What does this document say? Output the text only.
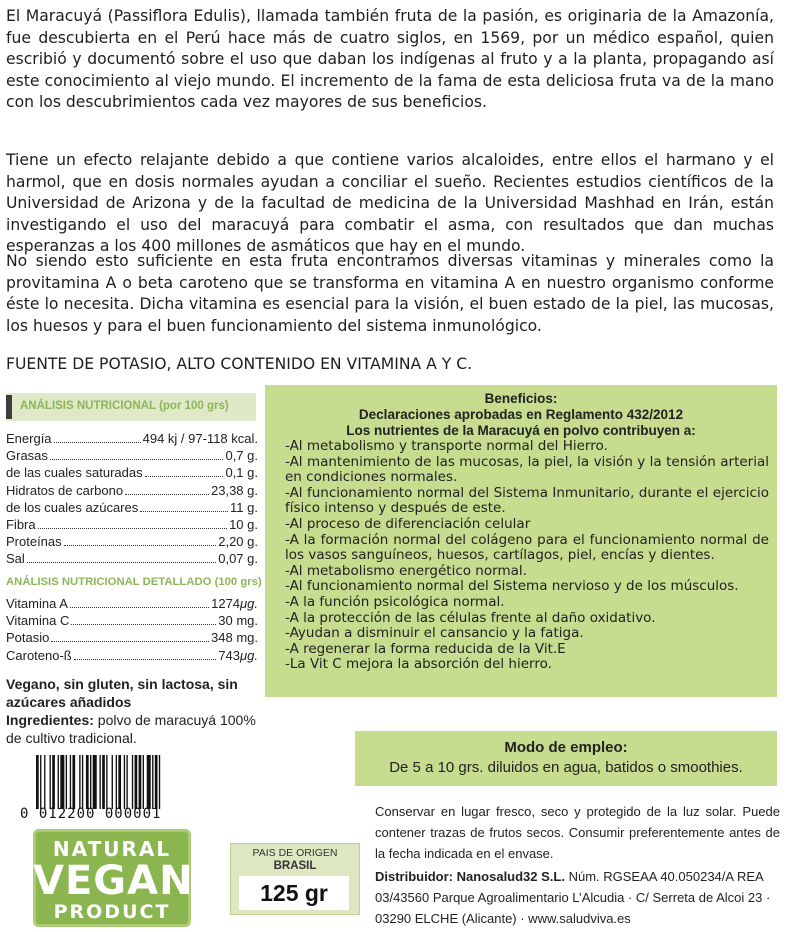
El Maracuyá (Passiflora Edulis), llamada también fruta de la pasión, es originaria de la Amazonía, fue descubierta en el Perú hace más de cuatro siglos, en 1569, por un médico español, quien escribió y documentó sobre el uso que daban los indígenas al fruto y a la planta, propagando así este conocimiento al viejo mundo. El incremento de la fama de esta deliciosa fruta va de la mano con los descubrimientos cada vez mayores de sus beneficios.
Tiene un efecto relajante debido a que contiene varios alcaloides, entre ellos el harmano y el harmol, que en dosis normales ayudan a conciliar el sueño. Recientes estudios científicos de la Universidad de Arizona y de la facultad de medicina de la Universidad Mashhad en Irán, están investigando el uso del maracuyá para combatir el asma, con resultados que dan muchas esperanzas a los 400 millones de asmáticos que hay en el mundo.
No siendo esto suficiente en esta fruta encontramos diversas vitaminas y minerales como la provitamina A o beta caroteno que se transforma en vitamina A en nuestro organismo conforme éste lo necesita. Dicha vitamina es esencial para la visión, el buen estado de la piel, las mucosas, los huesos y para el buen funcionamiento del sistema inmunológico.
FUENTE DE POTASIO, ALTO CONTENIDO EN VITAMINA A Y C.
ANÁLISIS NUTRICIONAL (por 100 grs)
Energía	494 kj / 97-118 kcal.
Grasas	0,7 g.
de las cuales saturadas	0,1 g.
Hidratos de carbono	23,38 g.
de los cuales azúcares	11 g.
Fibra	10 g.
Proteínas	2,20 g.
Sal	0,07 g.
ANÁLISIS NUTRICIONAL DETALLADO (100 grs)
Vitamina A	1274μg.
Vitamina C	30 mg.
Potasio	348 mg.
Caroteno-ß	743μg.
Vegano, sin gluten, sin lactosa, sin azúcares añadidos
Ingredientes: polvo de maracuyá 100% de cultivo tradicional.
0 012200 000001
NATURAL
VEGAN
PRODUCT
PAIS DE ORIGEN
BRASIL
125 gr
Beneficios:
Declaraciones aprobadas en Reglamento 432/2012
Los nutrientes de la Maracuyá en polvo contribuyen a:
-Al metabolismo y transporte normal del Hierro.
-Al mantenimiento de las mucosas, la piel, la visión y la tensión arterial en condiciones normales.
-Al funcionamiento normal del Sistema Inmunitario, durante el ejercicio físico intenso y después de este.
-Al proceso de diferenciación celular
-A la formación normal del colágeno para el funcionamiento normal de los vasos sanguíneos, huesos, cartílagos, piel, encías y dientes.
-Al metabolismo energético normal.
-Al funcionamiento normal del Sistema nervioso y de los músculos.
-A la función psicológica normal.
-A la protección de las células frente al daño oxidativo.
-Ayudan a disminuir el cansancio y la fatiga.
-A regenerar la forma reducida de la Vit.E
-La Vit C mejora la absorción del hierro.
Modo de empleo:
De 5 a 10 grs. diluidos en agua, batidos o smoothies.
Conservar en lugar fresco, seco y protegido de la luz solar. Puede contener trazas de frutos secos. Consumir preferentemente antes de la fecha indicada en el envase.
Distribuidor: Nanosalud32 S.L. Núm. RGSEAA 40.050234/A REA 03/43560 Parque Agroalimentario L’Alcudia · C/ Serreta de Alcoi 23 · 03290 ELCHE (Alicante) · www.saludviva.es
